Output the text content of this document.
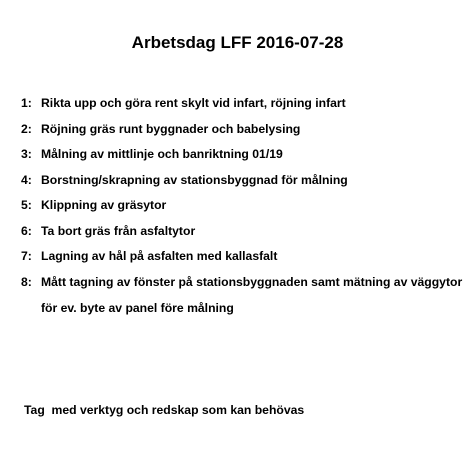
Arbetsdag LFF 2016-07-28
1: Rikta upp och göra rent skylt vid infart, röjning infart
2: Röjning gräs runt byggnader och babelysing
3: Målning av mittlinje och banriktning 01/19
4: Borstning/skrapning av stationsbyggnad för målning
5: Klippning av gräsytor
6: Ta bort gräs från asfaltytor
7: Lagning av hål på asfalten med kallasfalt
8: Mått tagning av fönster på stationsbyggnaden samt mätning av väggytor
för ev. byte av panel före målning
Tag  med verktyg och redskap som kan behövas
